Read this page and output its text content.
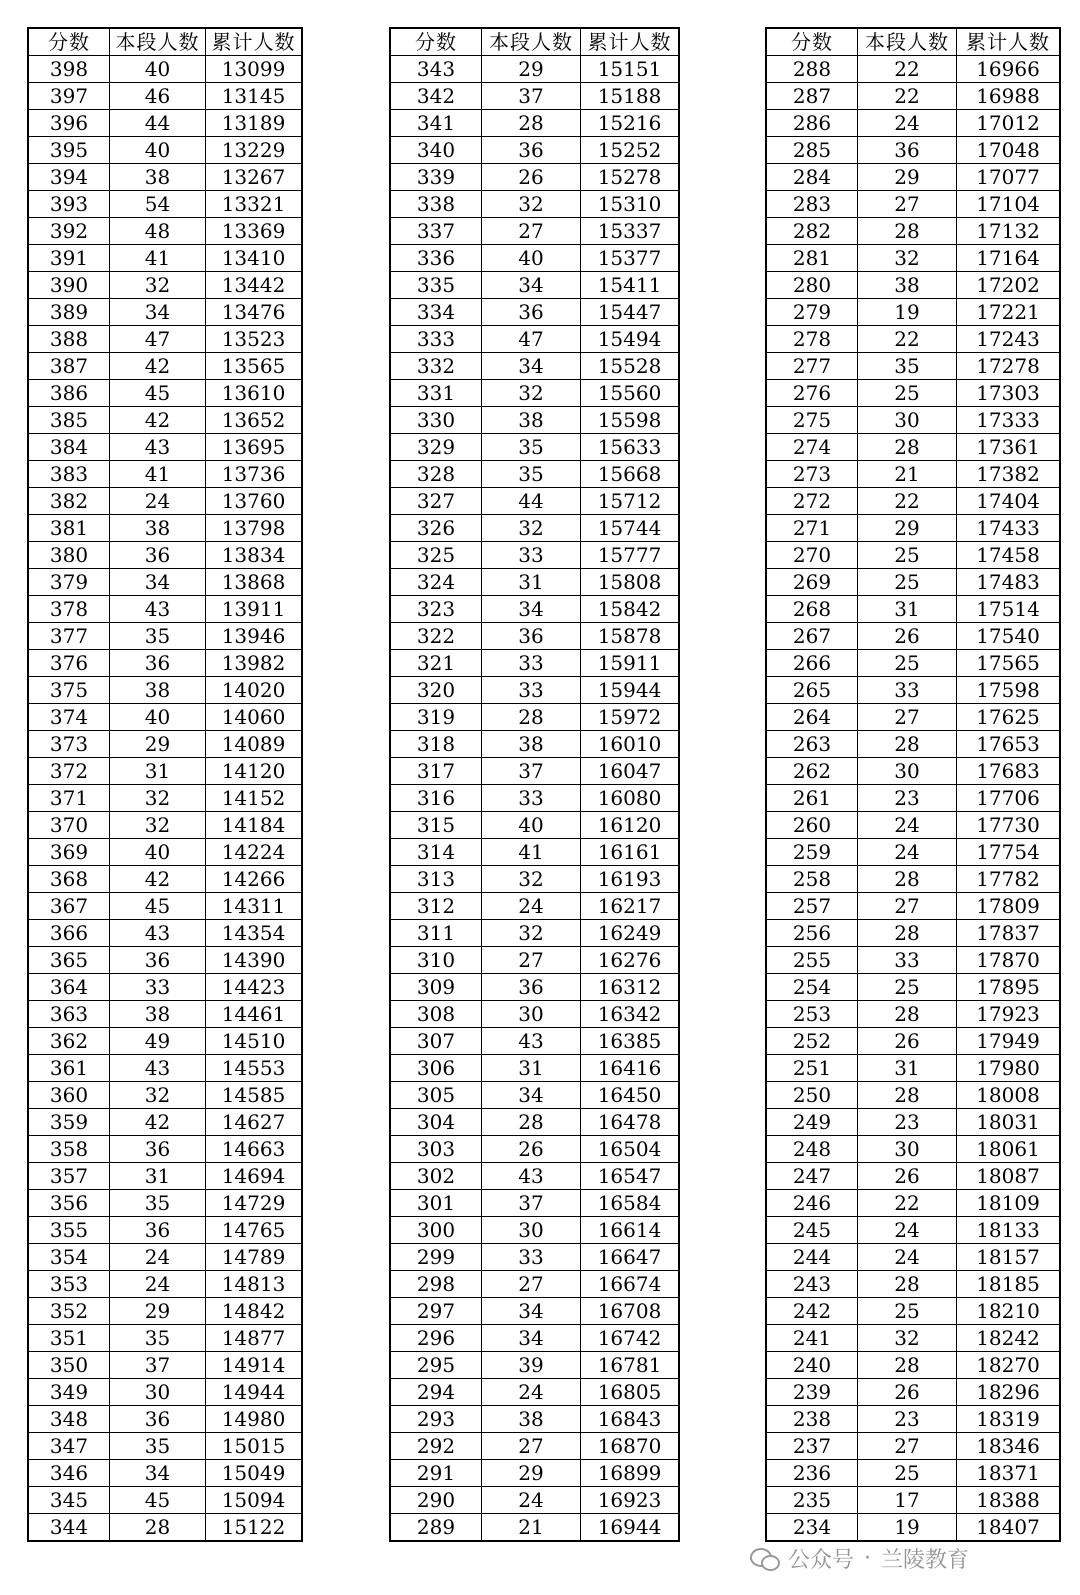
分数	本段人数	累计人数
398	40	13099
397	46	13145
396	44	13189
395	40	13229
394	38	13267
393	54	13321
392	48	13369
391	41	13410
390	32	13442
389	34	13476
388	47	13523
387	42	13565
386	45	13610
385	42	13652
384	43	13695
383	41	13736
382	24	13760
381	38	13798
380	36	13834
379	34	13868
378	43	13911
377	35	13946
376	36	13982
375	38	14020
374	40	14060
373	29	14089
372	31	14120
371	32	14152
370	32	14184
369	40	14224
368	42	14266
367	45	14311
366	43	14354
365	36	14390
364	33	14423
363	38	14461
362	49	14510
361	43	14553
360	32	14585
359	42	14627
358	36	14663
357	31	14694
356	35	14729
355	36	14765
354	24	14789
353	24	14813
352	29	14842
351	35	14877
350	37	14914
349	30	14944
348	36	14980
347	35	15015
346	34	15049
345	45	15094
344	28	15122
分数	本段人数	累计人数
343	29	15151
342	37	15188
341	28	15216
340	36	15252
339	26	15278
338	32	15310
337	27	15337
336	40	15377
335	34	15411
334	36	15447
333	47	15494
332	34	15528
331	32	15560
330	38	15598
329	35	15633
328	35	15668
327	44	15712
326	32	15744
325	33	15777
324	31	15808
323	34	15842
322	36	15878
321	33	15911
320	33	15944
319	28	15972
318	38	16010
317	37	16047
316	33	16080
315	40	16120
314	41	16161
313	32	16193
312	24	16217
311	32	16249
310	27	16276
309	36	16312
308	30	16342
307	43	16385
306	31	16416
305	34	16450
304	28	16478
303	26	16504
302	43	16547
301	37	16584
300	30	16614
299	33	16647
298	27	16674
297	34	16708
296	34	16742
295	39	16781
294	24	16805
293	38	16843
292	27	16870
291	29	16899
290	24	16923
289	21	16944
分数	本段人数	累计人数
288	22	16966
287	22	16988
286	24	17012
285	36	17048
284	29	17077
283	27	17104
282	28	17132
281	32	17164
280	38	17202
279	19	17221
278	22	17243
277	35	17278
276	25	17303
275	30	17333
274	28	17361
273	21	17382
272	22	17404
271	29	17433
270	25	17458
269	25	17483
268	31	17514
267	26	17540
266	25	17565
265	33	17598
264	27	17625
263	28	17653
262	30	17683
261	23	17706
260	24	17730
259	24	17754
258	28	17782
257	27	17809
256	28	17837
255	33	17870
254	25	17895
253	28	17923
252	26	17949
251	31	17980
250	28	18008
249	23	18031
248	30	18061
247	26	18087
246	22	18109
245	24	18133
244	24	18157
243	28	18185
242	25	18210
241	32	18242
240	28	18270
239	26	18296
238	23	18319
237	27	18346
236	25	18371
235	17	18388
234	19	18407
公众号 · 兰陵教育
